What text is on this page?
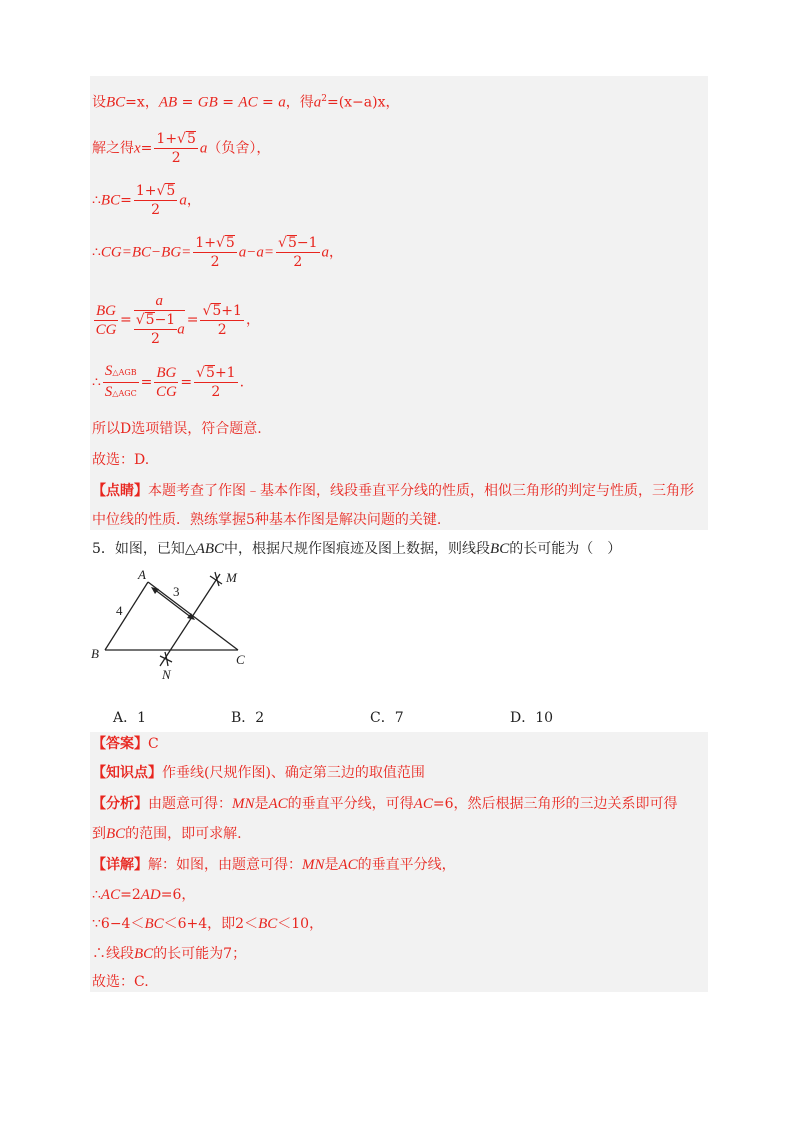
设BC=x，AB = GB = AC = a，得$a^2=(x-a)x$，
解之得$x= \frac{1+√5}{2} a$（负舍），
∴BC= $\frac{1+√5}{2}$ a，
∴CG=BC−BG= $\frac{1+√5}{2} a-a= \frac{√5-1}{2}$ a，
$\frac{BG}{CG} = \frac{a}{\frac{√5-1}{2} a} = \frac{√5+1}{2}$ ，
∴ $\frac{\text{S△AGB}}{\text{S△AGC}} = \frac{BG}{CG} = \frac{√5+1}{2}$ .
所以D选项错误，符合题意.
故选：D.
【点睛】本题考查了作图﹣基本作图，线段垂直平分线的性质，相似三角形的判定与性质，三角形
中位线的性质．熟练掌握5种基本作图是解决问题的关键.
5．如图，已知△ABC中，根据尺规作图痕迹及图上数据，则线段BC的长可能为（　）
A
B	C
M
N
4
3
A．1	B．2	C．7	D．10
【答案】C
【知识点】作垂线(尺规作图)、确定第三边的取值范围
【分析】由题意可得：MN是AC的垂直平分线，可得AC=6，然后根据三角形的三边关系即可得
到BC的范围，即可求解.
【详解】解：如图，由题意可得：MN是AC的垂直平分线，
∴AC=2AD=6，
∵6−4＜BC＜6+4，即2＜BC＜10，
∴线段BC的长可能为7；
故选：C.
